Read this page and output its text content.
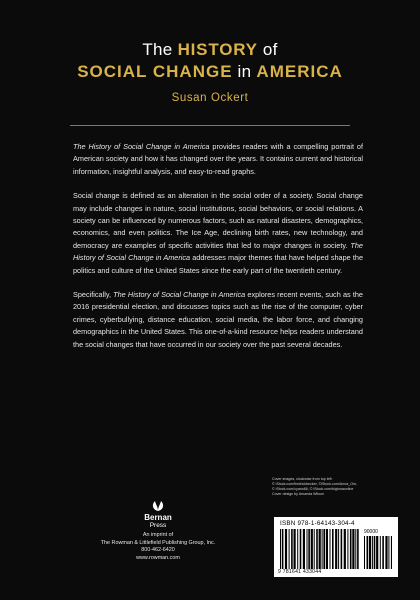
The HISTORY of
SOCIAL CHANGE in AMERICA
Susan Ockert

The History of Social Change in America provides readers with a compelling portrait of American society and how it has changed over the years. It contains current and historical information, insightful analysis, and easy-to-read graphs.

Social change is defined as an alteration in the social order of a society. Social change may include changes in nature, social institutions, social behaviors, or social relations. A society can be influenced by numerous factors, such as natural disasters, demographics, economics, and even politics. The Ice Age, declining birth rates, new technology, and democracy are examples of specific activities that led to major changes in society. The History of Social Change in America addresses major themes that have helped shape the politics and culture of the United States since the early part of the twentieth century.

Specifically, The History of Social Change in America explores recent events, such as the 2016 presidential election, and discusses topics such as the rise of the computer, cyber crimes, cyberbullying, distance education, social media, the labor force, and changing demographics in the United States. This one-of-a-kind resource helps readers understand the social changes that have occurred in our society over the past several decades.

Cover images, clockwise from top left:
© iStock.com/fredrickbecker, ©iStock.com/Anna_Om,
© iStock.com/cyano66, © iStock.com/bigtunaonline
Cover design by Amanda Wilson
Bernan
Press
An imprint of
The Rowman & Littlefield Publishing Group, Inc.
800-462-6420
www.rowman.com
ISBN 978-1-64143-304-4
90000
9 781641 433044
